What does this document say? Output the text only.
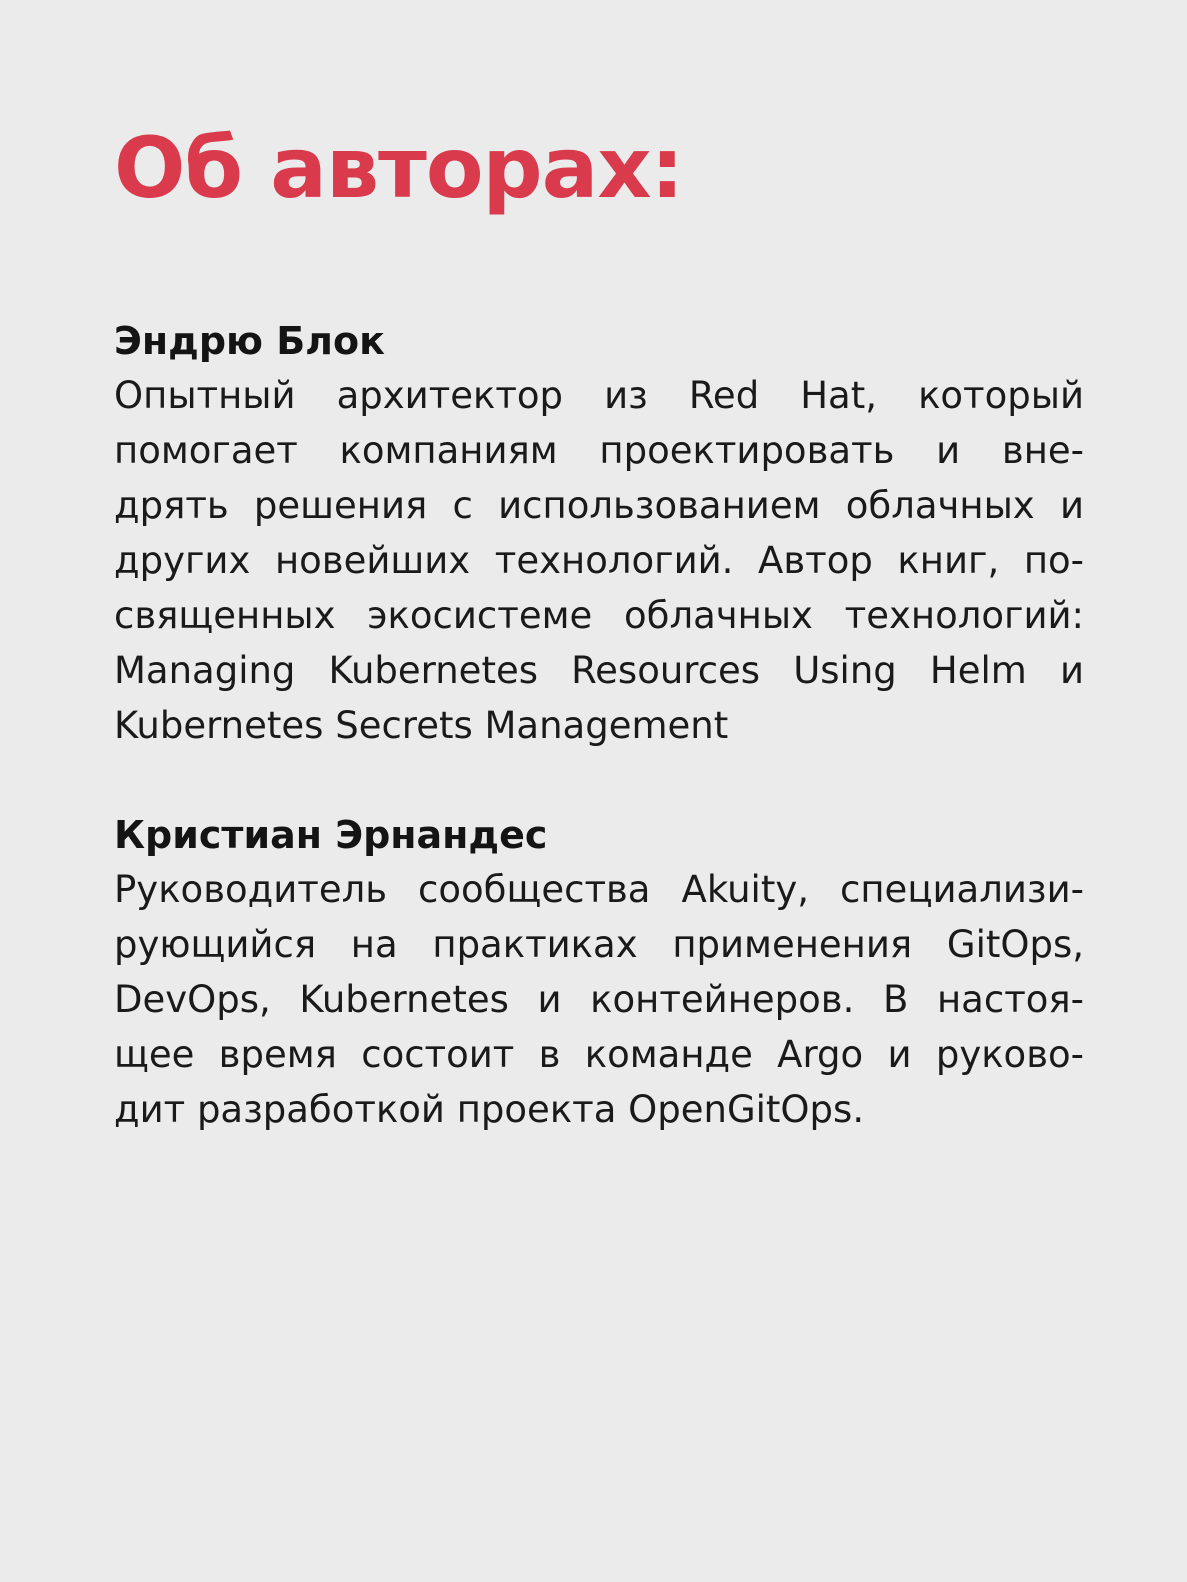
Об авторах:
Эндрю Блок

Опытный архитектор из Red Hat, который
помогает компаниям проектировать и вне-
дрять решения с использованием облачных и
других новейших технологий. Автор книг, по-
священных экосистеме облачных технологий:
Managing Kubernetes Resources Using Helm и
Kubernetes Secrets Management

Кристиан Эрнандес

Руководитель сообщества Akuity, специализи-
рующийся на практиках применения GitOps,
DevOps, Kubernetes и контейнеров. В настоя-
щее время состоит в команде Argo и руково-
дит разработкой проекта OpenGitOps.
